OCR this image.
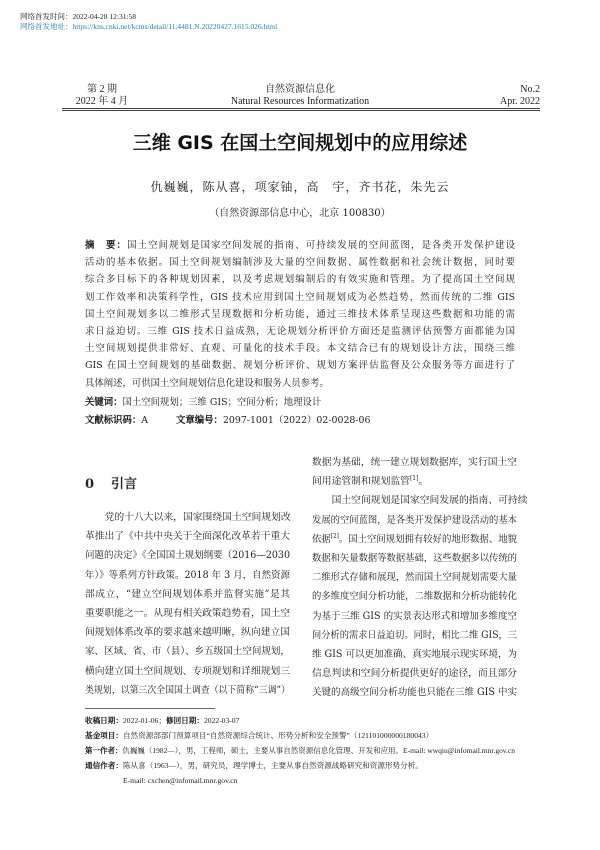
网络首发时间：2022-04-28 12:31:58
网络首发地址：https://kns.cnki.net/kcms/detail/11.4481.N.20220427.1615.026.html
第 2 期
2022 年 4 月
自然资源信息化
Natural Resources Informatization
No.2
Apr. 2022
三维 GIS 在国土空间规划中的应用综述
仇巍巍，陈从喜，项家铀，高　宇，齐书花，朱先云
（自然资源部信息中心，北京 100830）
摘　要：国土空间规划是国家空间发展的指南、可持续发展的空间蓝图，是各类开发保护建设
活动的基本依据。国土空间规划编制涉及大量的空间数据、属性数据和社会统计数据，同时要
综合多目标下的各种规划因素，以及考虑规划编制后的有效实施和管理。为了提高国土空间规
划工作效率和决策科学性，GIS 技术应用到国土空间规划成为必然趋势，然而传统的二维 GIS
国土空间规划多以二维形式呈现数据和分析功能，通过三维技术体系呈现这些数据和功能的需
求日益迫切。三维 GIS 技术日益成熟，无论规划分析评价方面还是监测评估预警方面都能为国
土空间规划提供非常好、直观、可量化的技术手段。本文结合已有的规划设计方法，围绕三维
GIS 在国土空间规划的基础数据、规划分析评价、规划方案评估监督及公众服务等方面进行了
具体阐述，可供国土空间规划信息化建设和服务人员参考。
关键词：国土空间规划；三维 GIS；空间分析；地理设计
文献标识码：A	文章编号：2097-1001（2022）02-0028-06
0 引言
党的十八大以来，国家围绕国土空间规划改
革推出了《中共中央关于全面深化改革若干重大
问题的决定》《全国国土规划纲要（2016—2030
年）》等系列方针政策。2018 年 3 月，自然资源
部成立，“建立空间规划体系并监督实施”是其
重要职能之一。从现有相关政策趋势看，国土空
间规划体系改革的要求越来越明晰，纵向建立国
家、区域、省、市（县）、乡五级国土空间规划，
横向建立国土空间规划、专项规划和详细规划三
类规划，以第三次全国国土调查（以下简称“三调”）
数据为基础，统一建立规划数据库，实行国土空
间用途管制和规划监管[1]。
国土空间规划是国家空间发展的指南、可持续
发展的空间蓝图，是各类开发保护建设活动的基本
依据[2]。国土空间规划拥有较好的地形数据、地貌
数据和矢量数据等数据基础，这些数据多以传统的
二维形式存储和展现，然而国土空间规划需要大量
的多维度空间分析功能，二维数据和分析功能转化
为基于三维 GIS 的实景表达形式和增加多维度空
间分析的需求日益迫切。同时，相比二维 GIS，三
维 GIS 可以更加准确、真实地展示现实环境，为
信息判读和空间分析提供更好的途径，而且部分
关键的高级空间分析功能也只能在三维 GIS 中实
收稿日期：2022-01-06；修回日期：2022-03-07
基金项目：自然资源部部门预算项目“自然资源综合统计、形势分析和安全预警”（121101000000180043）
第一作者：仇巍巍（1982—），男，工程师，硕士，主要从事自然资源信息化管理、开发和应用。E-mail: wwqiu@infomail.mnr.gov.cn
通信作者：陈从喜（1963—），男，研究员，理学博士，主要从事自然资源战略研究和资源形势分析。
E-mail: cxchen@infomail.mnr.gov.cn
